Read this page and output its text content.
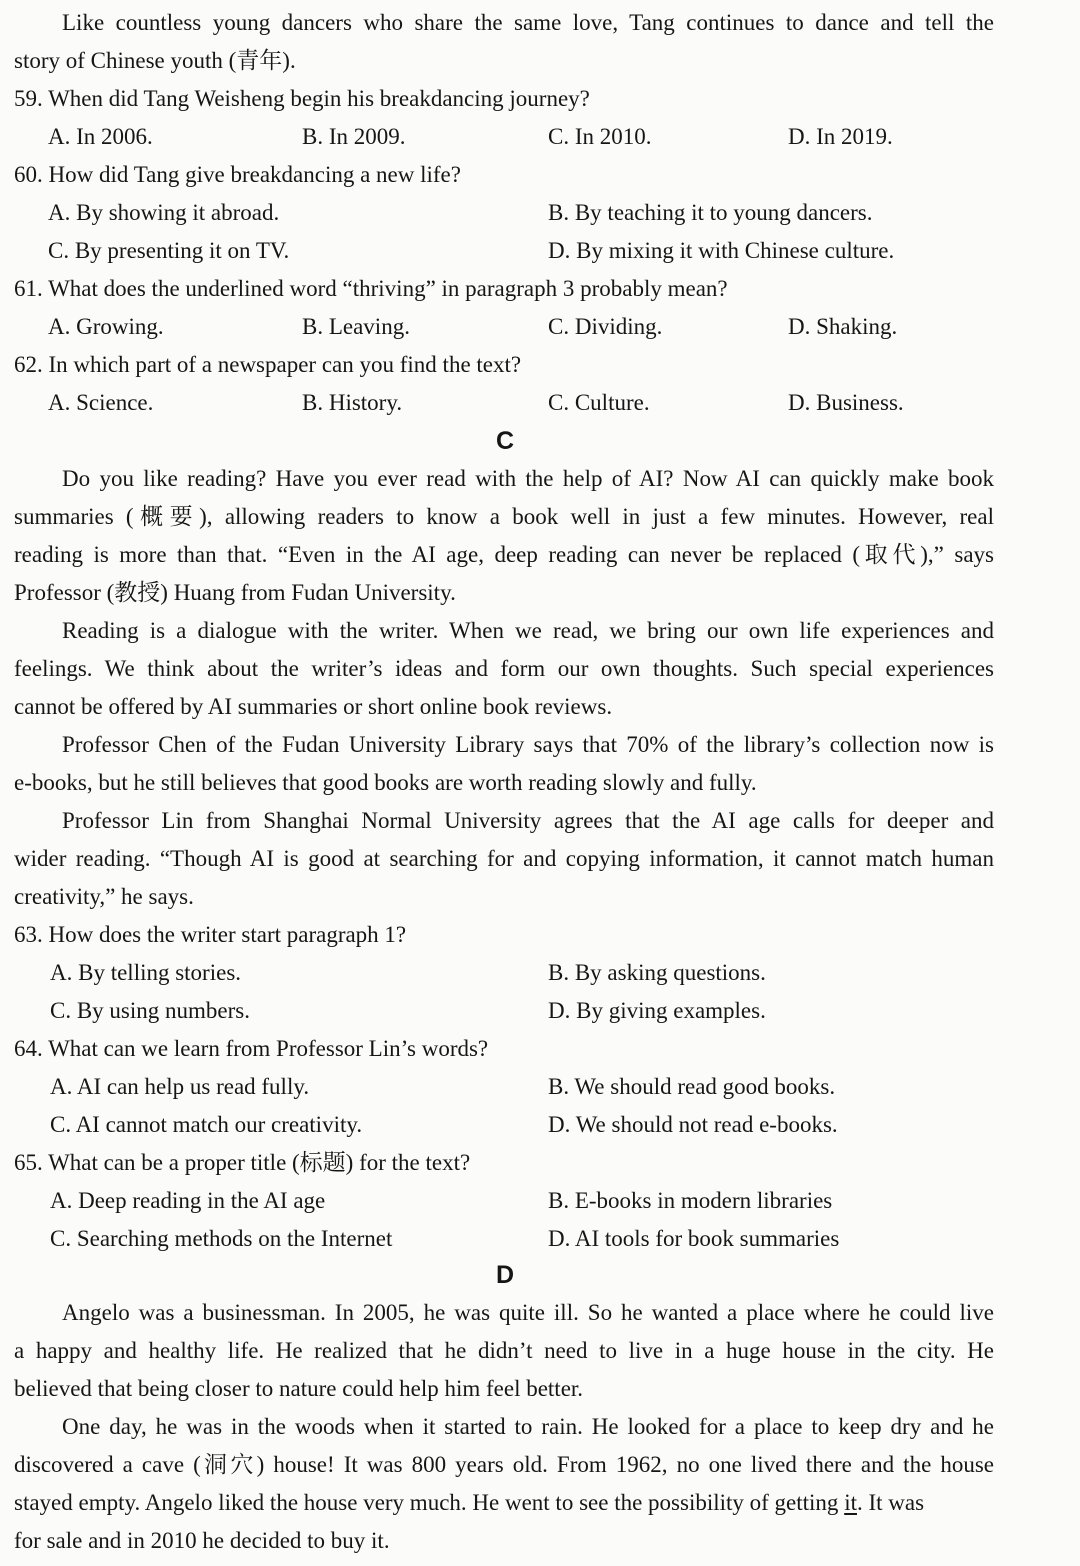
Like countless young dancers who share the same love, Tang continues to dance and tell the
story of Chinese youth (青年).
59. When did Tang Weisheng begin his breakdancing journey?
A. In 2006.	B. In 2009.	C. In 2010.	D. In 2019.
60. How did Tang give breakdancing a new life?
A. By showing it abroad.	B. By teaching it to young dancers.
C. By presenting it on TV.	D. By mixing it with Chinese culture.
61. What does the underlined word “thriving” in paragraph 3 probably mean?
A. Growing.	B. Leaving.	C. Dividing.	D. Shaking.
62. In which part of a newspaper can you find the text?
A. Science.	B. History.	C. Culture.	D. Business.
C
Do you like reading? Have you ever read with the help of AI? Now AI can quickly make book
summaries (概要), allowing readers to know a book well in just a few minutes. However, real
reading is more than that. “Even in the AI age, deep reading can never be replaced (取代),” says
Professor (教授) Huang from Fudan University.
Reading is a dialogue with the writer. When we read, we bring our own life experiences and
feelings. We think about the writer’s ideas and form our own thoughts. Such special experiences
cannot be offered by AI summaries or short online book reviews.
Professor Chen of the Fudan University Library says that 70% of the library’s collection now is
e-books, but he still believes that good books are worth reading slowly and fully.
Professor Lin from Shanghai Normal University agrees that the AI age calls for deeper and
wider reading. “Though AI is good at searching for and copying information, it cannot match human
creativity,” he says.
63. How does the writer start paragraph 1?
A. By telling stories.	B. By asking questions.
C. By using numbers.	D. By giving examples.
64. What can we learn from Professor Lin’s words?
A. AI can help us read fully.	B. We should read good books.
C. AI cannot match our creativity.	D. We should not read e-books.
65. What can be a proper title (标题) for the text?
A. Deep reading in the AI age	B. E-books in modern libraries
C. Searching methods on the Internet	D. AI tools for book summaries
D
Angelo was a businessman. In 2005, he was quite ill. So he wanted a place where he could live
a happy and healthy life. He realized that he didn’t need to live in a huge house in the city. He
believed that being closer to nature could help him feel better.
One day, he was in the woods when it started to rain. He looked for a place to keep dry and he
discovered a cave (洞穴) house! It was 800 years old. From 1962, no one lived there and the house
stayed empty. Angelo liked the house very much. He went to see the possibility of getting it. It was
for sale and in 2010 he decided to buy it.
